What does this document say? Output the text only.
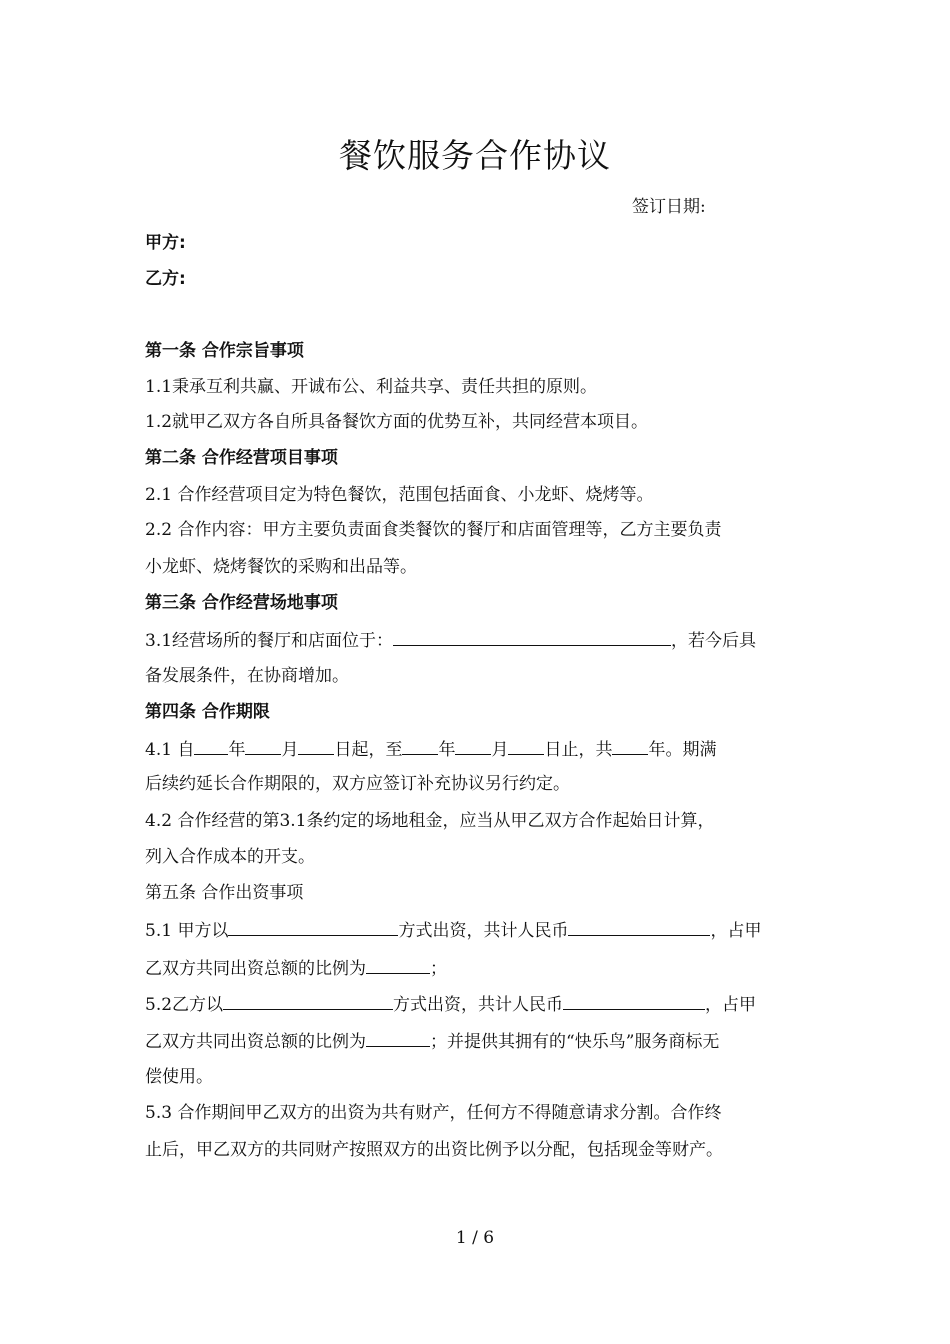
餐饮服务合作协议
签订日期:
甲方:
乙方:
第一条 合作宗旨事项
1.1秉承互利共赢、开诚布公、利益共享、责任共担的原则。
1.2就甲乙双方各自所具备餐饮方面的优势互补，共同经营本项目。
第二条 合作经营项目事项
2.1 合作经营项目定为特色餐饮，范围包括面食、小龙虾、烧烤等。
2.2 合作内容：甲方主要负责面食类餐饮的餐厅和店面管理等，乙方主要负责
小龙虾、烧烤餐饮的采购和出品等。
第三条 合作经营场地事项
3.1经营场所的餐厅和店面位于：	，若今后具
备发展条件，在协商增加。
第四条 合作期限
4.1 自 年 月 日起，至 年 月 日止，共 年。期满
后续约延长合作期限的，双方应签订补充协议另行约定。
4.2 合作经营的第3.1条约定的场地租金，应当从甲乙双方合作起始日计算，
列入合作成本的开支。
第五条 合作出资事项
5.1 甲方以	方式出资，共计人民币	，占甲
乙双方共同出资总额的比例为	；
5.2乙方以	方式出资，共计人民币	，占甲
乙双方共同出资总额的比例为	；并提供其拥有的“快乐鸟”服务商标无
偿使用。
5.3 合作期间甲乙双方的出资为共有财产，任何方不得随意请求分割。合作终
止后，甲乙双方的共同财产按照双方的出资比例予以分配，包括现金等财产。
1 / 6
